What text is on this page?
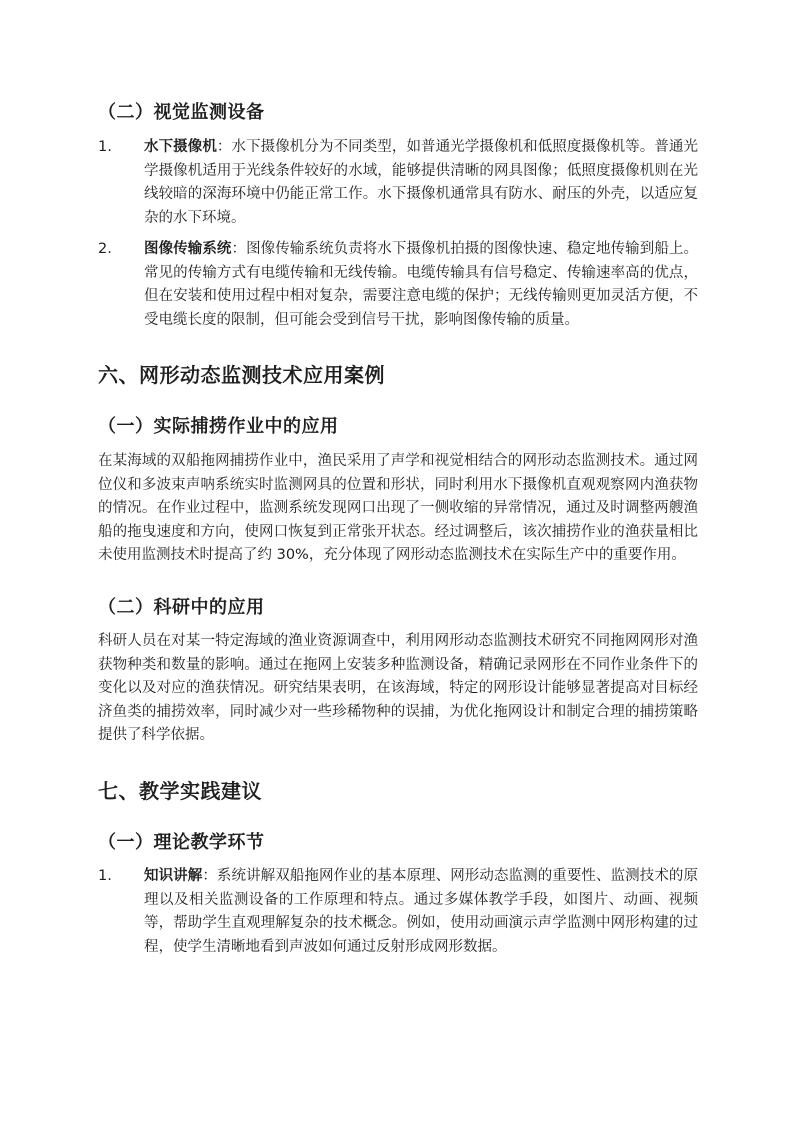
（二）视觉监测设备
1. 水下摄像机：水下摄像机分为不同类型，如普通光学摄像机和低照度摄像机等。普通光学摄像机适用于光线条件较好的水域，能够提供清晰的网具图像；低照度摄像机则在光线较暗的深海环境中仍能正常工作。水下摄像机通常具有防水、耐压的外壳，以适应复杂的水下环境。

2. 图像传输系统：图像传输系统负责将水下摄像机拍摄的图像快速、稳定地传输到船上。常见的传输方式有电缆传输和无线传输。电缆传输具有信号稳定、传输速率高的优点，但在安装和使用过程中相对复杂，需要注意电缆的保护；无线传输则更加灵活方便，不受电缆长度的限制，但可能会受到信号干扰，影响图像传输的质量。

六、网形动态监测技术应用案例
（一）实际捕捞作业中的应用

在某海域的双船拖网捕捞作业中，渔民采用了声学和视觉相结合的网形动态监测技术。通过网位仪和多波束声呐系统实时监测网具的位置和形状，同时利用水下摄像机直观观察网内渔获物的情况。在作业过程中，监测系统发现网口出现了一侧收缩的异常情况，通过及时调整两艘渔船的拖曳速度和方向，使网口恢复到正常张开状态。经过调整后，该次捕捞作业的渔获量相比未使用监测技术时提高了约 30%，充分体现了网形动态监测技术在实际生产中的重要作用。

（二）科研中的应用

科研人员在对某一特定海域的渔业资源调查中，利用网形动态监测技术研究不同拖网网形对渔获物种类和数量的影响。通过在拖网上安装多种监测设备，精确记录网形在不同作业条件下的变化以及对应的渔获情况。研究结果表明，在该海域，特定的网形设计能够显著提高对目标经济鱼类的捕捞效率，同时减少对一些珍稀物种的误捕，为优化拖网设计和制定合理的捕捞策略提供了科学依据。

七、教学实践建议
（一）理论教学环节
1. 知识讲解：系统讲解双船拖网作业的基本原理、网形动态监测的重要性、监测技术的原理以及相关监测设备的工作原理和特点。通过多媒体教学手段，如图片、动画、视频等，帮助学生直观理解复杂的技术概念。例如，使用动画演示声学监测中网形构建的过程，使学生清晰地看到声波如何通过反射形成网形数据。
